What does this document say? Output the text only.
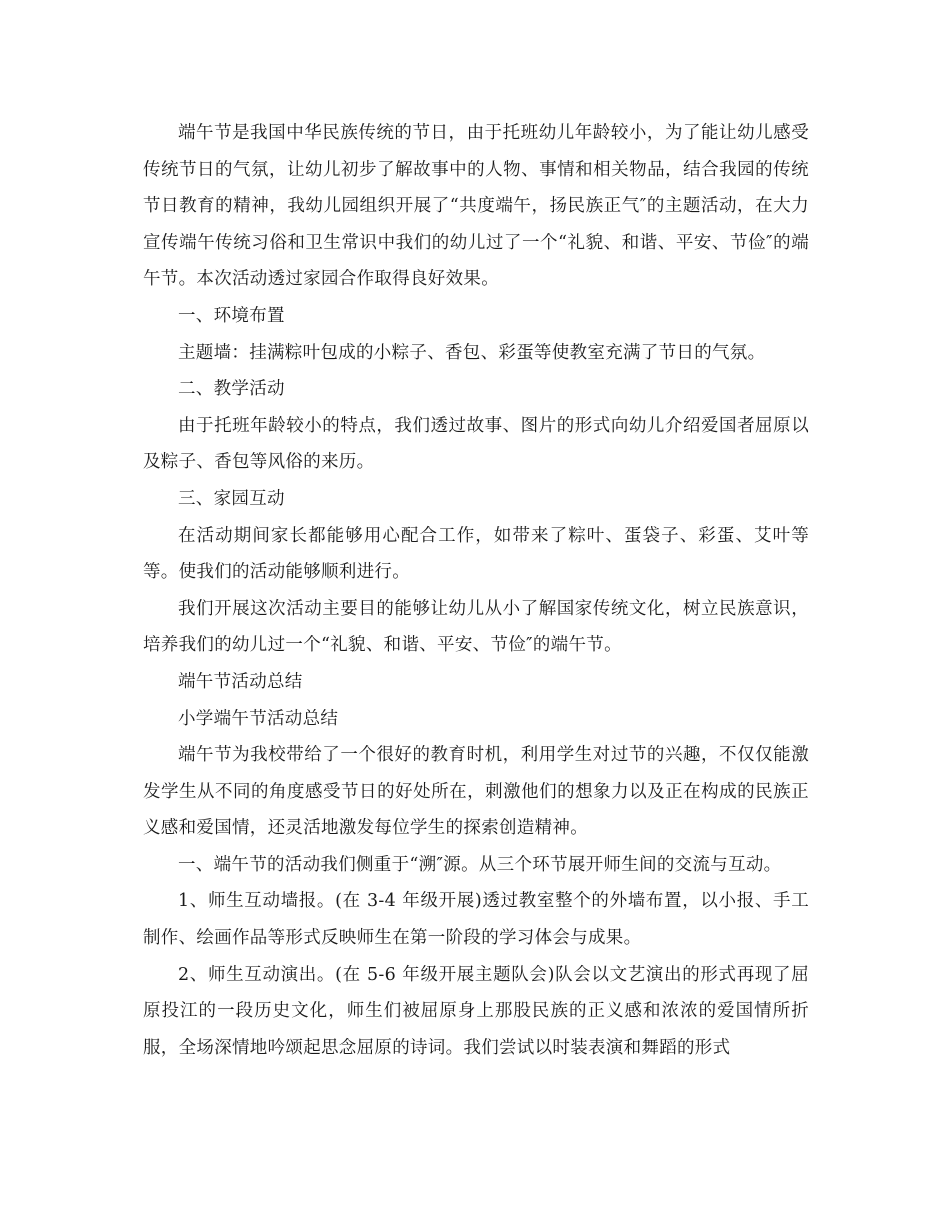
端午节是我国中华民族传统的节日，由于托班幼儿年龄较小，为了能让幼儿感受传统节日的气氛，让幼儿初步了解故事中的人物、事情和相关物品，结合我园的传统节日教育的精神，我幼儿园组织开展了“共度端午，扬民族正气″的主题活动，在大力宣传端午传统习俗和卫生常识中我们的幼儿过了一个“礼貌、和谐、平安、节俭″的端午节。本次活动透过家园合作取得良好效果。

一、环境布置

主题墙：挂满粽叶包成的小粽子、香包、彩蛋等使教室充满了节日的气氛。

二、教学活动

由于托班年龄较小的特点，我们透过故事、图片的形式向幼儿介绍爱国者屈原以及粽子、香包等风俗的来历。

三、家园互动

在活动期间家长都能够用心配合工作，如带来了粽叶、蛋袋子、彩蛋、艾叶等等。使我们的活动能够顺利进行。

我们开展这次活动主要目的能够让幼儿从小了解国家传统文化，树立民族意识，培养我们的幼儿过一个“礼貌、和谐、平安、节俭″的端午节。

端午节活动总结

小学端午节活动总结

端午节为我校带给了一个很好的教育时机，利用学生对过节的兴趣，不仅仅能激发学生从不同的角度感受节日的好处所在，刺激他们的想象力以及正在构成的民族正义感和爱国情，还灵活地激发每位学生的探索创造精神。

一、端午节的活动我们侧重于“溯″源。从三个环节展开师生间的交流与互动。

1、师生互动墙报。(在 3-4 年级开展)透过教室整个的外墙布置，以小报、手工制作、绘画作品等形式反映师生在第一阶段的学习体会与成果。

2、师生互动演出。(在 5-6 年级开展主题队会)队会以文艺演出的形式再现了屈原投江的一段历史文化，师生们被屈原身上那股民族的正义感和浓浓的爱国情所折服，全场深情地吟颂起思念屈原的诗词。我们尝试以时装表演和舞蹈的形式
